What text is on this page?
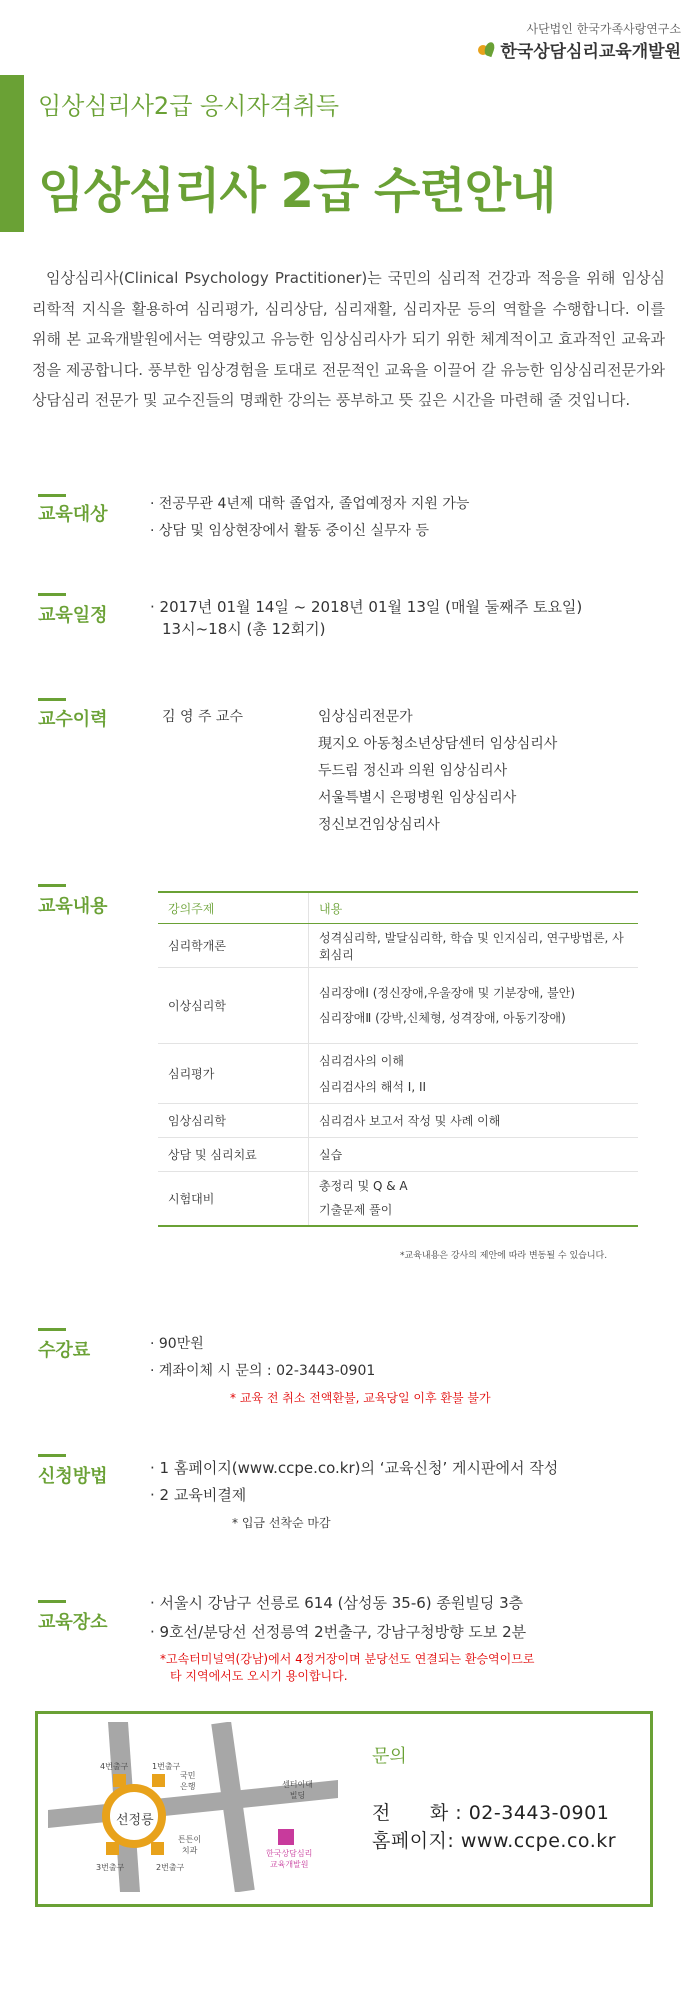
사단법인 한국가족사랑연구소
한국상담심리교육개발원
임상심리사2급 응시자격취득
임상심리사 2급 수련안내
임상심리사(Clinical Psychology Practitioner)는 국민의 심리적 건강과 적응을 위해 임상심리학적 지식을 활용하여 심리평가, 심리상담, 심리재활, 심리자문 등의 역할을 수행합니다. 이를 위해 본 교육개발원에서는 역량있고 유능한 임상심리사가 되기 위한 체계적이고 효과적인 교육과정을 제공합니다. 풍부한 임상경험을 토대로 전문적인 교육을 이끌어 갈 유능한 임상심리전문가와 상담심리 전문가 및 교수진들의 명쾌한 강의는 풍부하고 뜻 깊은 시간을 마련해 줄 것입니다.
교육대상	· 전공무관 4년제 대학 졸업자, 졸업예정자 지원 가능
· 상담 및 임상현장에서 활동 중이신 실무자 등
교육일정	· 2017년 01월 14일 ~ 2018년 01월 13일 (매월 둘째주 토요일)
13시~18시 (총 12회기)
교수이력	김 영 주 교수	임상심리전문가
現지오 아동청소년상담센터 임상심리사
두드림 정신과 의원 임상심리사
서울특별시 은평병원 임상심리사
정신보건임상심리사
교육내용	강의주제	내용
심리학개론	성격심리학, 발달심리학, 학습 및 인지심리, 연구방법론, 사회심리
이상심리학	심리장애Ⅰ (정신장애,우울장애 및 기분장애, 불안)
심리장애Ⅱ (강박,신체형, 성격장애, 아동기장애)

심리평가	심리검사의 이해
심리검사의 해석 I, II

임상심리학	심리검사 보고서 작성 및 사례 이해
상담 및 심리치료	실습
시험대비	총정리 및 Q & A
기출문제 풀이
*교육내용은 강사의 제안에 따라 변동될 수 있습니다.
수강료	· 90만원
· 계좌이체 시 문의 : 02-3443-0901
* 교육 전 취소 전액환불, 교육당일 이후 환불 불가
신청방법	· 1 홈페이지(www.ccpe.co.kr)의 ‘교육신청’ 게시판에서 작성
· 2 교육비결제
* 입금 선착순 마감
교육장소
· 서울시 강남구 선릉로 614 (삼성동 35-6) 종원빌딩 3층
· 9호선/분당선 선정릉역 2번출구, 강남구청방향 도보 2분
*고속터미널역(강남)에서 4정거장이며 분당선도 연결되는 환승역이므로
타 지역에서도 오시기 용이합니다.
선정릉
4번출구	1번출구
3번출구	2번출구
국민
은행	센터이대
빌딩
튼튼이
치과	한국상담심리
교육개발원
문의
전　　화 : 02-3443-0901
홈페이지: www.ccpe.co.kr
